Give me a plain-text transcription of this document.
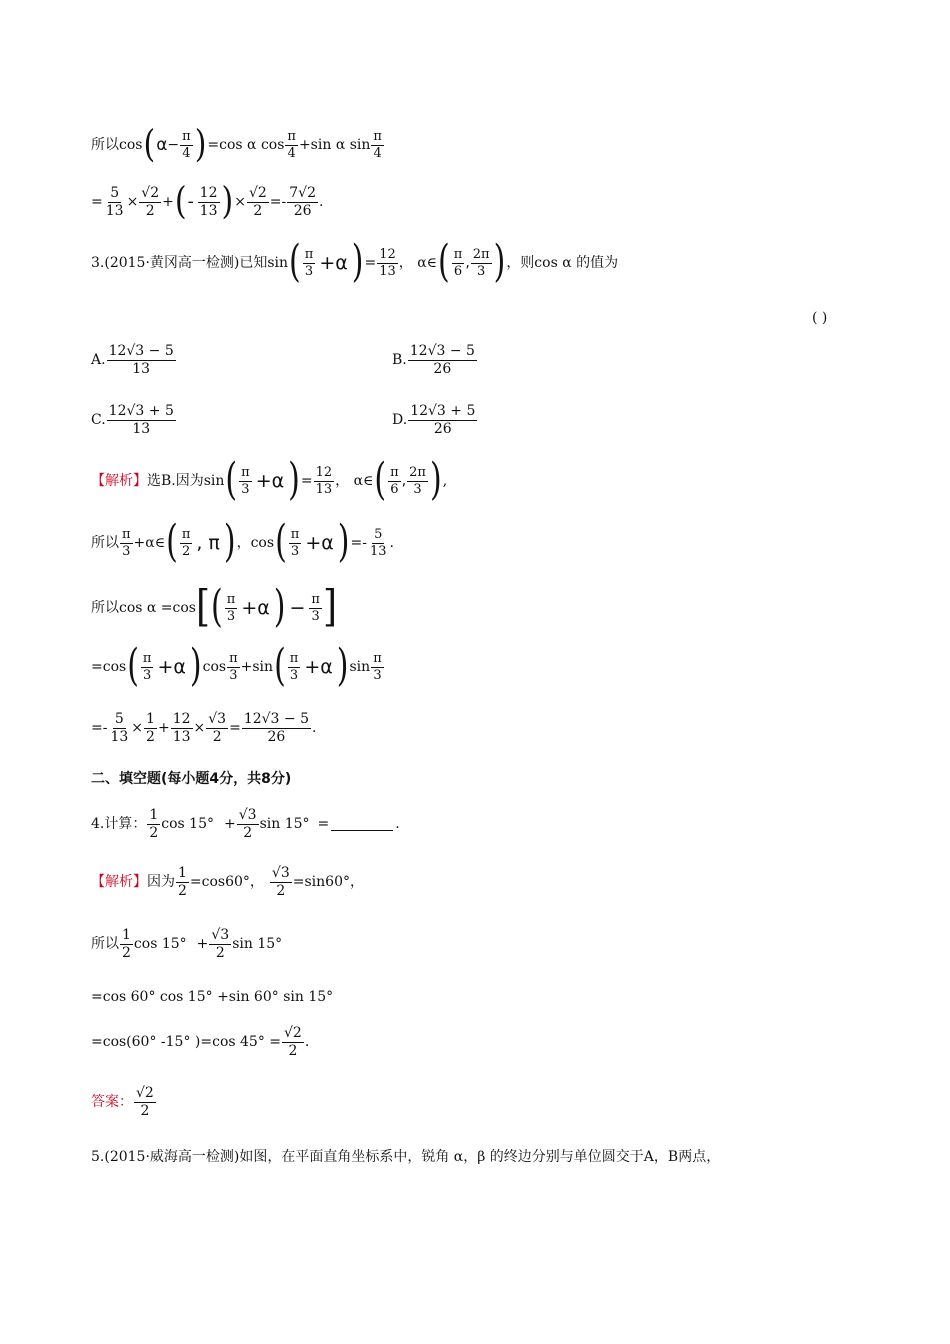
所以 cos ( $\alpha - \frac{\pi}{4}$ ) =cos α $\cos \frac{\pi}{4} +\sin$ α $\sin \frac{\pi}{4}$
= $\frac{5}{13} \times \frac{√2}{2}$ + ( - $\frac{12}{13}$ ) × $\frac{√2}{2} =- \frac{7√2}{26}$ .
3.(2015·黄冈高一检测)已知sin ( $\frac{\pi}{3} +\alpha$ ) = $\frac{12}{13}$ ， α∈ ( $\frac{\pi}{6}$ , $\frac{2\pi}{3}$ ) ，则cos α 的值为
( )
A. $\frac{12√3 - 5}{13}$	B. $\frac{12√3 - 5}{26}$
C. $\frac{12√3 + 5}{13}$	D. $\frac{12√3 + 5}{26}$
【解析】 选B.因为sin ( $\frac{\pi}{3} +\alpha$ ) = $\frac{12}{13}$ ， α∈ ( $\frac{\pi}{6}$ , $\frac{2\pi}{3}$ ) ,
所以 $\frac{\pi}{3}$ +α∈ ( $\frac{\pi}{2}$ , π ) ，cos ( $\frac{\pi}{3} +\alpha$ ) =- $\frac{5}{13}$ .
所以cos α =cos [ ( $\frac{\pi}{3} +\alpha$ ) − $\frac{\pi}{3}$ ]
=cos ( $\frac{\pi}{3} +\alpha$ ) $\cos \frac{\pi}{3} +\sin$ ( $\frac{\pi}{3} +\alpha$ ) $\sin \frac{\pi}{3}$
=- $\frac{5}{13} \times \frac{1}{2} + \frac{12}{13} \times \frac{√3}{2} = \frac{12√3 - 5}{26}$ .
二、填空题(每小题4分，共8分)
4.计算： $\frac{1}{2}$ $\cos 15^\circ + \frac{√3}{2}$ sin 15° =	.
【解析】 因为 $\frac{1}{2} =\cos 60^\circ$， $\frac{√3}{2} =\sin 60^\circ$，
所以 $\frac{1}{2}$ $\cos 15^\circ + \frac{√3}{2}$ sin 15°
=cos 60° cos 15° +sin 60° sin 15°
=cos(60° -15° )=cos $45^\circ = \frac{√2}{2}$ .
答案： $\frac{√2}{2}$
5.(2015·威海高一检测)如图，在平面直角坐标系中，锐角 α，β 的终边分别与单位圆交于A，B两点，
